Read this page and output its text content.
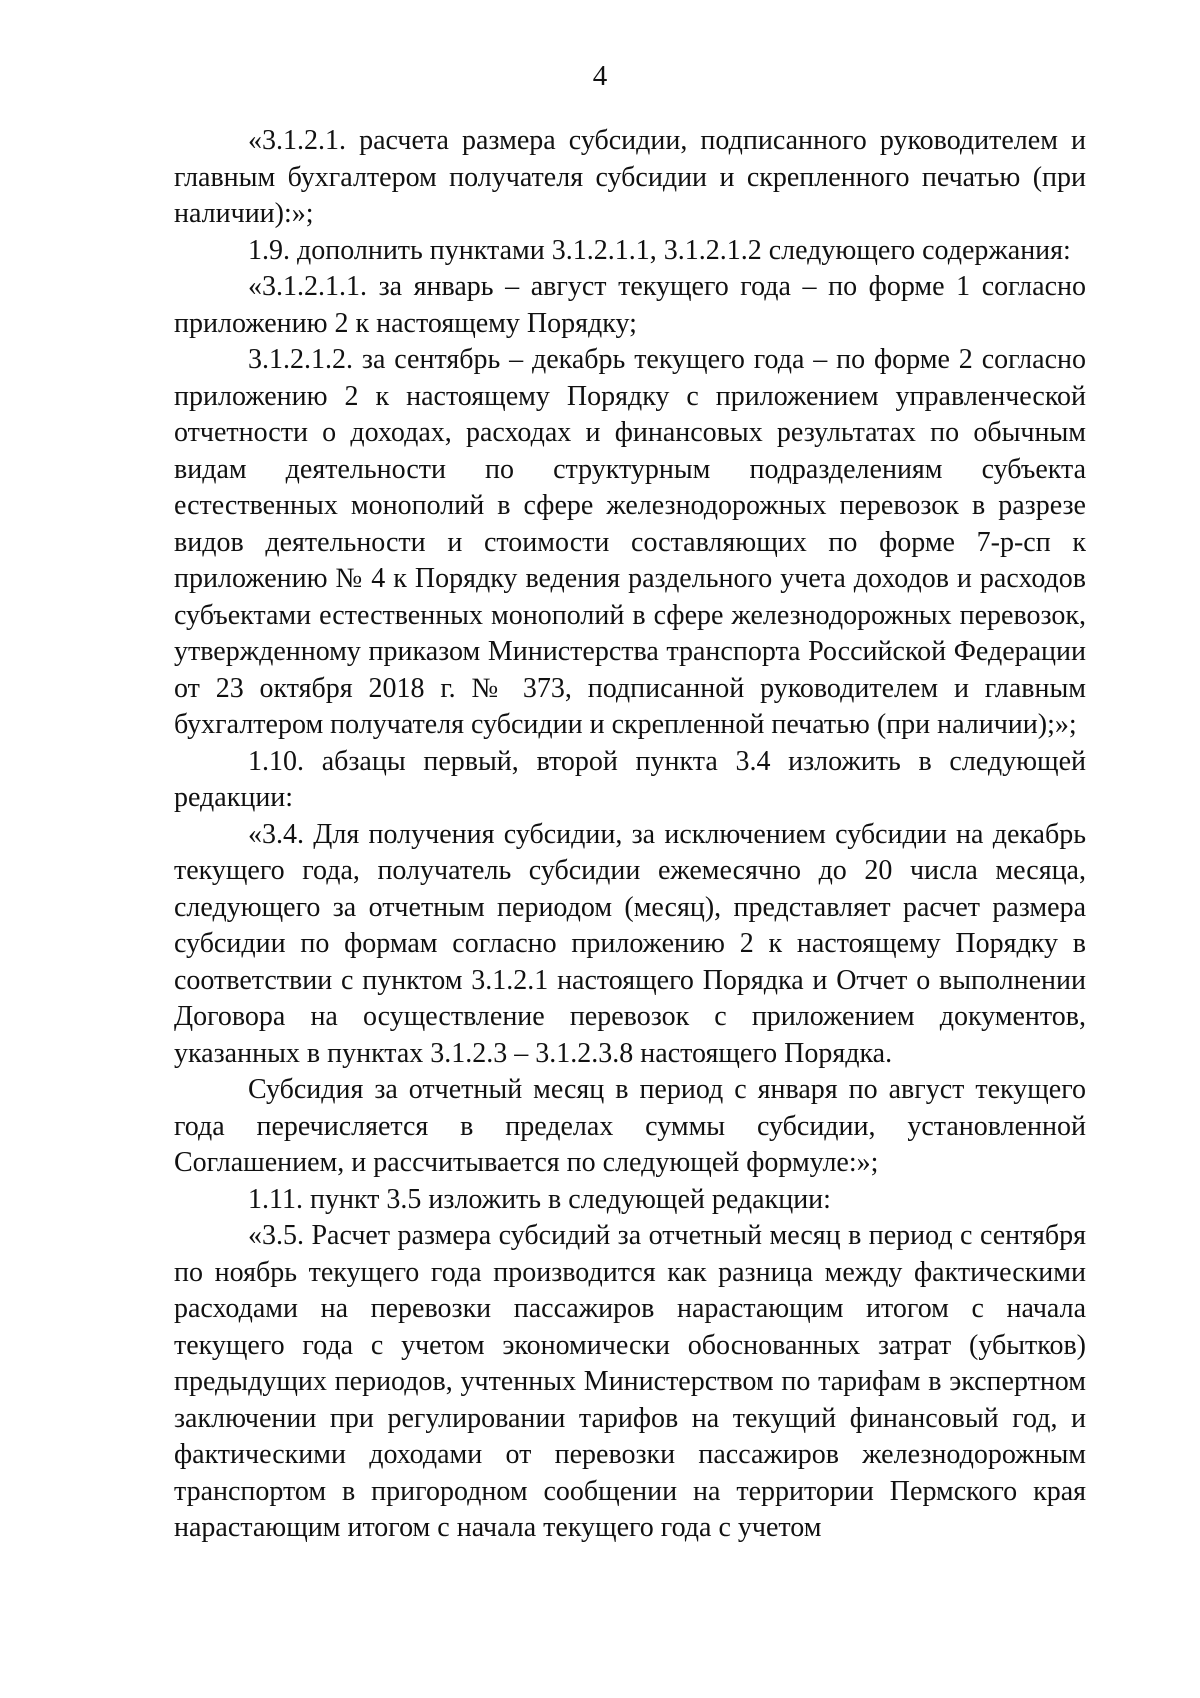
4

«3.1.2.1. расчета размера субсидии, подписанного руководителем и главным бухгалтером получателя субсидии и скрепленного печатью (при наличии):»;

1.9. дополнить пунктами 3.1.2.1.1, 3.1.2.1.2 следующего содержания:

«3.1.2.1.1. за январь – август текущего года – по форме 1 согласно приложению 2 к настоящему Порядку;

3.1.2.1.2. за сентябрь – декабрь текущего года – по форме 2 согласно приложению 2 к настоящему Порядку с приложением управленческой отчетности о доходах, расходах и финансовых результатах по обычным видам деятельности по структурным подразделениям субъекта естественных монополий в сфере железнодорожных перевозок в разрезе видов деятельности и стоимости составляющих по форме 7-р-сп к приложению № 4 к Порядку ведения раздельного учета доходов и расходов субъектами естественных монополий в сфере железнодорожных перевозок, утвержденному приказом Министерства транспорта Российской Федерации от 23 октября 2018 г. № 373, подписанной руководителем и главным бухгалтером получателя субсидии и скрепленной печатью (при наличии);»;

1.10. абзацы первый, второй пункта 3.4 изложить в следующей редакции:

«3.4. Для получения субсидии, за исключением субсидии на декабрь текущего года, получатель субсидии ежемесячно до 20 числа месяца, следующего за отчетным периодом (месяц), представляет расчет размера субсидии по формам согласно приложению 2 к настоящему Порядку в соответствии с пунктом 3.1.2.1 настоящего Порядка и Отчет о выполнении Договора на осуществление перевозок с приложением документов, указанных в пунктах 3.1.2.3 – 3.1.2.3.8 настоящего Порядка.

Субсидия за отчетный месяц в период с января по август текущего года перечисляется в пределах суммы субсидии, установленной Соглашением, и рассчитывается по следующей формуле:»;

1.11. пункт 3.5 изложить в следующей редакции:

«3.5. Расчет размера субсидий за отчетный месяц в период с сентября по ноябрь текущего года производится как разница между фактическими расходами на перевозки пассажиров нарастающим итогом с начала текущего года с учетом экономически обоснованных затрат (убытков) предыдущих периодов, учтенных Министерством по тарифам в экспертном заключении при регулировании тарифов на текущий финансовый год, и фактическими доходами от перевозки пассажиров железнодорожным транспортом в пригородном сообщении на территории Пермского края нарастающим итогом с начала текущего года с учетом
